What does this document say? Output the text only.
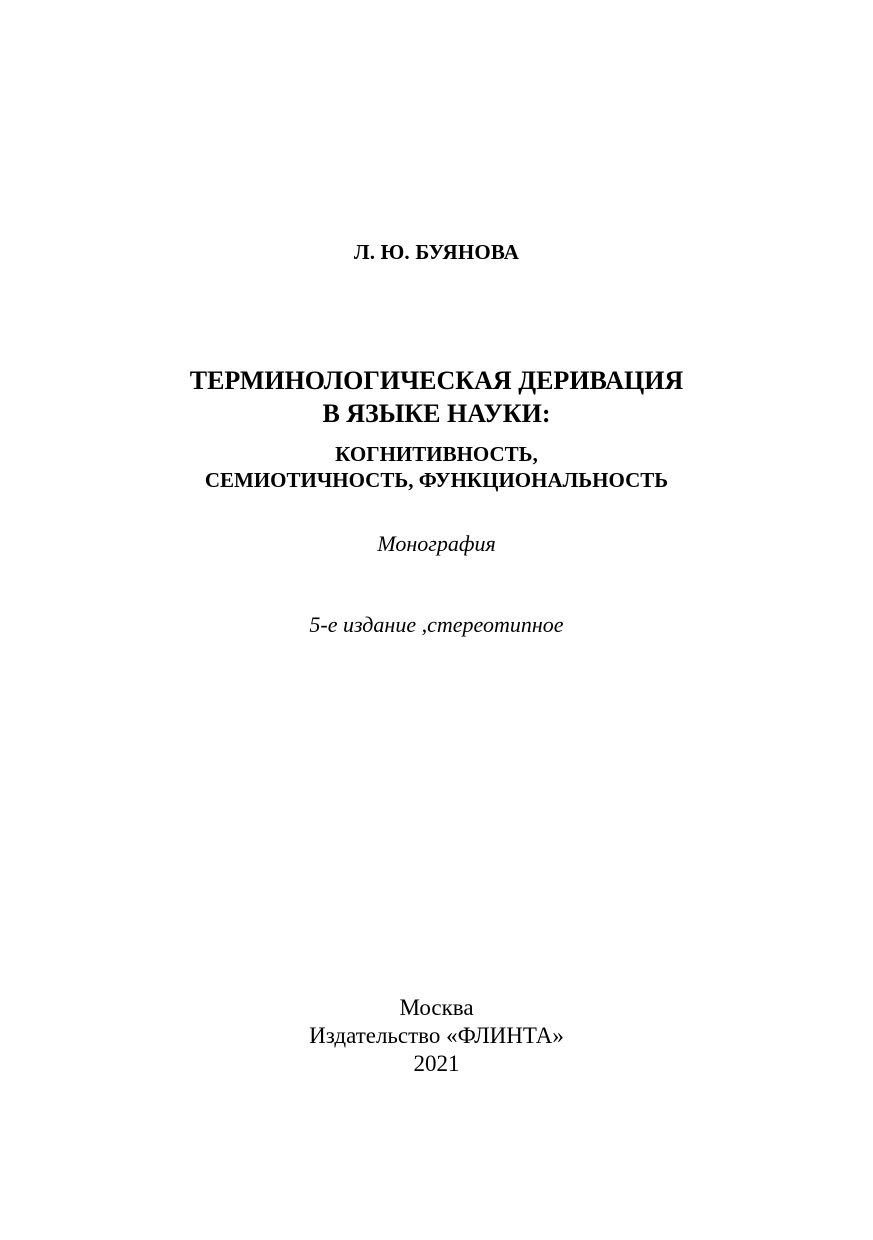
Л. Ю. БУЯНОВА
ТЕРМИНОЛОГИЧЕСКАЯ ДЕРИВАЦИЯ
В ЯЗЫКЕ НАУКИ:
КОГНИТИВНОСТЬ,
СЕМИОТИЧНОСТЬ, ФУНКЦИОНАЛЬНОСТЬ
Монография
5-е издание ,стереотипное
Москва
Издательство «ФЛИНТА»
2021
